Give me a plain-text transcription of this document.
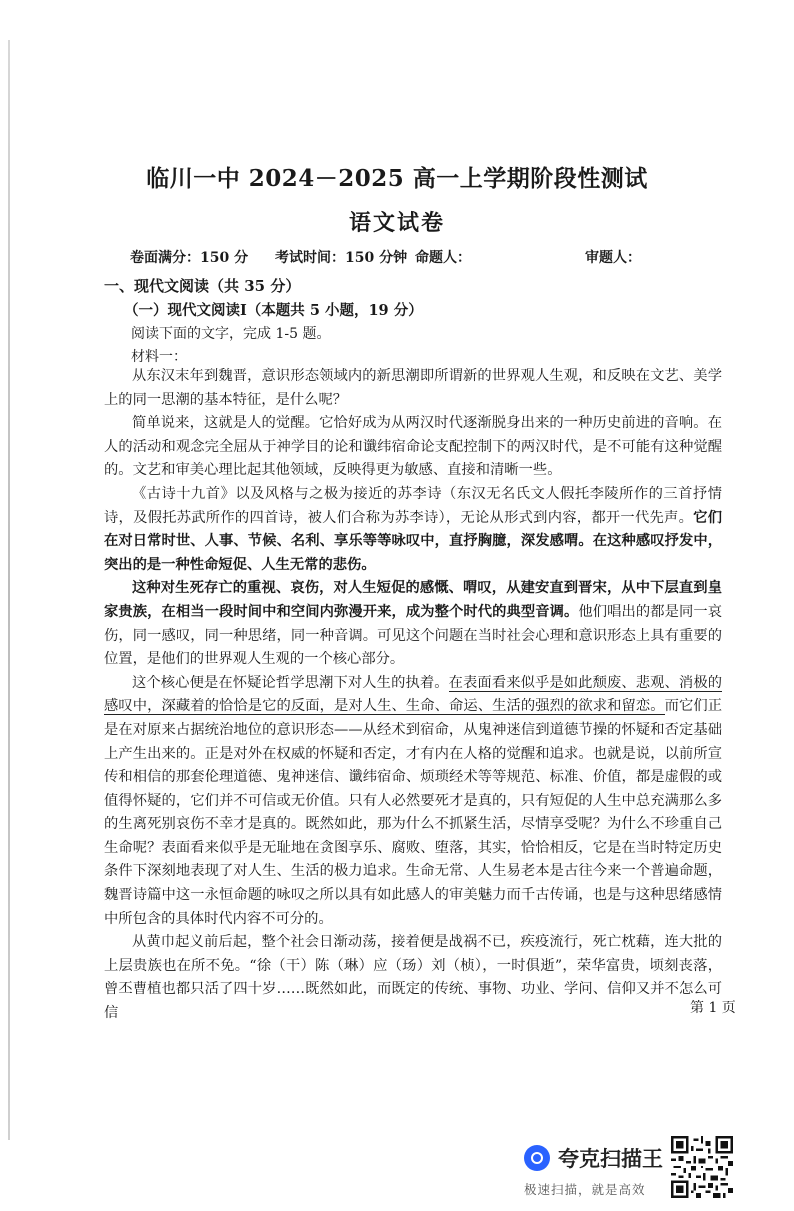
临川一中 2024－2025 高一上学期阶段性测试
语文试卷
卷面满分：150 分 考试时间：150 分钟 命题人：	审题人：
一、现代文阅读（共 35 分）
（一）现代文阅读Ⅰ（本题共 5 小题，19 分）
阅读下面的文字，完成 1-5 题。
材料一：

从东汉末年到魏晋，意识形态领域内的新思潮即所谓新的世界观人生观，和反映在文艺、美学上的同一思潮的基本特征，是什么呢？

简单说来，这就是人的觉醒。它恰好成为从两汉时代逐渐脱身出来的一种历史前进的音响。在人的活动和观念完全屈从于神学目的论和谶纬宿命论支配控制下的两汉时代，是不可能有这种觉醒的。文艺和审美心理比起其他领域，反映得更为敏感、直接和清晰一些。

《古诗十九首》以及风格与之极为接近的苏李诗（东汉无名氏文人假托李陵所作的三首抒情诗，及假托苏武所作的四首诗，被人们合称为苏李诗），无论从形式到内容，都开一代先声。它们在对日常时世、人事、节候、名利、享乐等等咏叹中，直抒胸臆，深发感喟。在这种感叹抒发中，突出的是一种性命短促、人生无常的悲伤。

这种对生死存亡的重视、哀伤，对人生短促的感慨、喟叹，从建安直到晋宋，从中下层直到皇家贵族，在相当一段时间中和空间内弥漫开来，成为整个时代的典型音调。他们唱出的都是同一哀伤，同一感叹，同一种思绪，同一种音调。可见这个问题在当时社会心理和意识形态上具有重要的位置，是他们的世界观人生观的一个核心部分。

这个核心便是在怀疑论哲学思潮下对人生的执着。在表面看来似乎是如此颓废、悲观、消极的感叹中，深藏着的恰恰是它的反面，是对人生、生命、命运、生活的强烈的欲求和留恋。而它们正是在对原来占据统治地位的意识形态——从经术到宿命，从鬼神迷信到道德节操的怀疑和否定基础上产生出来的。正是对外在权威的怀疑和否定，才有内在人格的觉醒和追求。也就是说，以前所宣传和相信的那套伦理道德、鬼神迷信、谶纬宿命、烦琐经术等等规范、标准、价值，都是虚假的或值得怀疑的，它们并不可信或无价值。只有人必然要死才是真的，只有短促的人生中总充满那么多的生离死别哀伤不幸才是真的。既然如此，那为什么不抓紧生活，尽情享受呢？为什么不珍重自己生命呢？表面看来似乎是无耻地在贪图享乐、腐败、堕落，其实，恰恰相反，它是在当时特定历史条件下深刻地表现了对人生、生活的极力追求。生命无常、人生易老本是古往今来一个普遍命题，魏晋诗篇中这一永恒命题的咏叹之所以具有如此感人的审美魅力而千古传诵，也是与这种思绪感情中所包含的具体时代内容不可分的。

从黄巾起义前后起，整个社会日渐动荡，接着便是战祸不已，疾疫流行，死亡枕藉，连大批的上层贵族也在所不免。“徐（干）陈（琳）应（玚）刘（桢），一时俱逝”，荣华富贵，顷刻丧落，曾丕曹植也都只活了四十岁……既然如此，而既定的传统、事物、功业、学问、信仰又并不怎么可信	第 1 页
夸克扫描王
极速扫描，就是高效
